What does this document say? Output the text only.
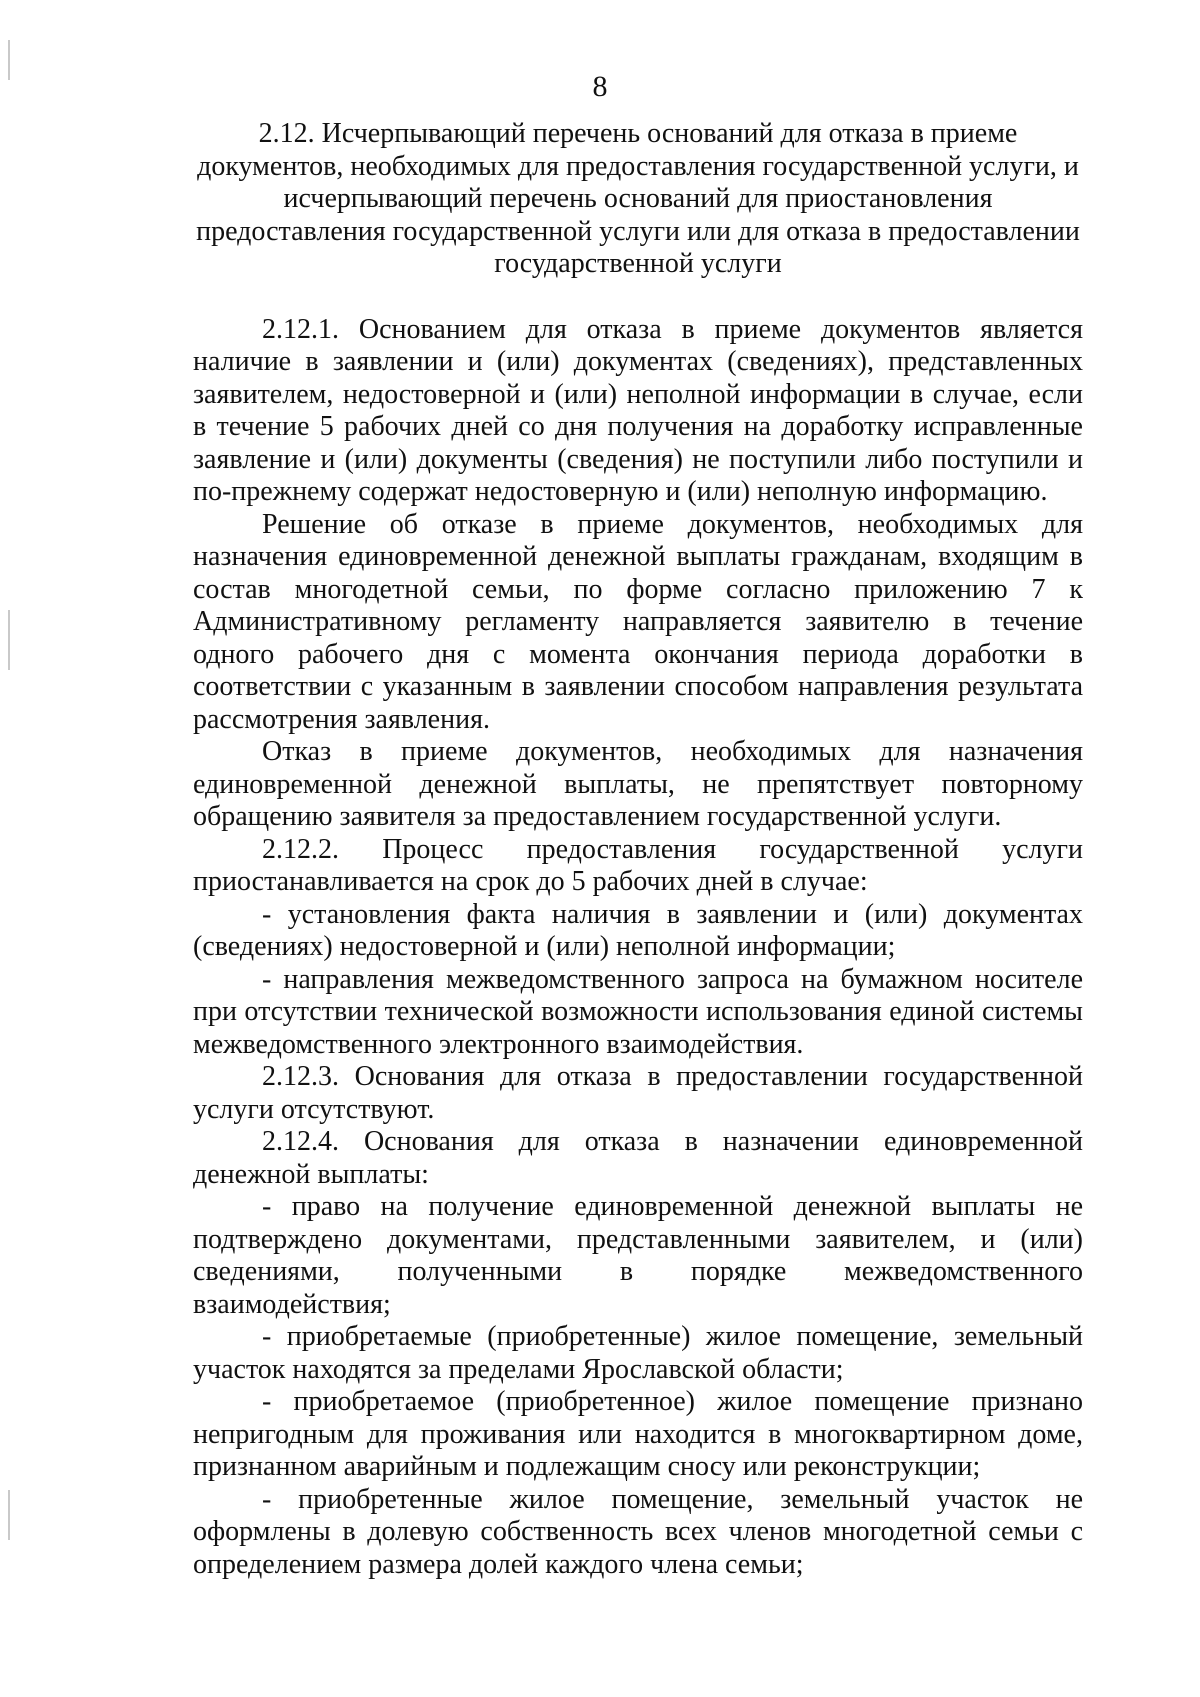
8
2.12. Исчерпывающий перечень оснований для отказа в приеме документов, необходимых для предоставления государственной услуги, и исчерпывающий перечень оснований для приостановления предоставления государственной услуги или для отказа в предоставлении государственной услуги

2.12.1. Основанием для отказа в приеме документов является наличие в заявлении и (или) документах (сведениях), представленных заявителем, недостоверной и (или) неполной информации в случае, если в течение 5 рабочих дней со дня получения на доработку исправленные заявление и (или) документы (сведения) не поступили либо поступили и по-прежнему содержат недостоверную и (или) неполную информацию.

Решение об отказе в приеме документов, необходимых для назначения единовременной денежной выплаты гражданам, входящим в состав многодетной семьи, по форме согласно приложению 7 к Административному регламенту направляется заявителю в течение одного рабочего дня с момента окончания периода доработки в соответствии с указанным в заявлении способом направления результата рассмотрения заявления.

Отказ в приеме документов, необходимых для назначения единовременной денежной выплаты, не препятствует повторному обращению заявителя за предоставлением государственной услуги.

2.12.2. Процесс предоставления государственной услуги приостанавливается на срок до 5 рабочих дней в случае:

- установления факта наличия в заявлении и (или) документах (сведениях) недостоверной и (или) неполной информации;

- направления межведомственного запроса на бумажном носителе при отсутствии технической возможности использования единой системы межведомственного электронного взаимодействия.

2.12.3. Основания для отказа в предоставлении государственной услуги отсутствуют.

2.12.4. Основания для отказа в назначении единовременной денежной выплаты:

- право на получение единовременной денежной выплаты не подтверждено документами, представленными заявителем, и (или) сведениями, полученными в порядке межведомственного взаимодействия;

- приобретаемые (приобретенные) жилое помещение, земельный участок находятся за пределами Ярославской области;

- приобретаемое (приобретенное) жилое помещение признано непригодным для проживания или находится в многоквартирном доме, признанном аварийным и подлежащим сносу или реконструкции;

- приобретенные жилое помещение, земельный участок не оформлены в долевую собственность всех членов многодетной семьи с определением размера долей каждого члена семьи;
